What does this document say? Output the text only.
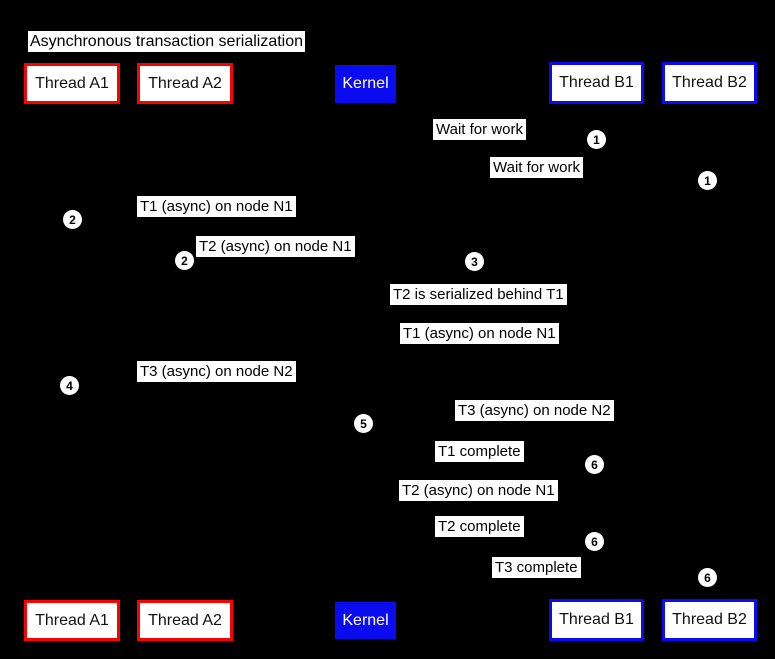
Asynchronous transaction serialization
Thread A1 Thread A2	Kernel	Thread B1 Thread B2
Wait for work
Wait for work
T1 (async) on node N1
T2 (async) on node N1
T2 is serialized behind T1
T1 (async) on node N1
T3 (async) on node N2
T3 (async) on node N2
T1 complete
T2 (async) on node N1
T2 complete
T3 complete
1
1
2
2	3
4
5
6
6
6
Thread A1 Thread A2	Kernel	Thread B1 Thread B2
